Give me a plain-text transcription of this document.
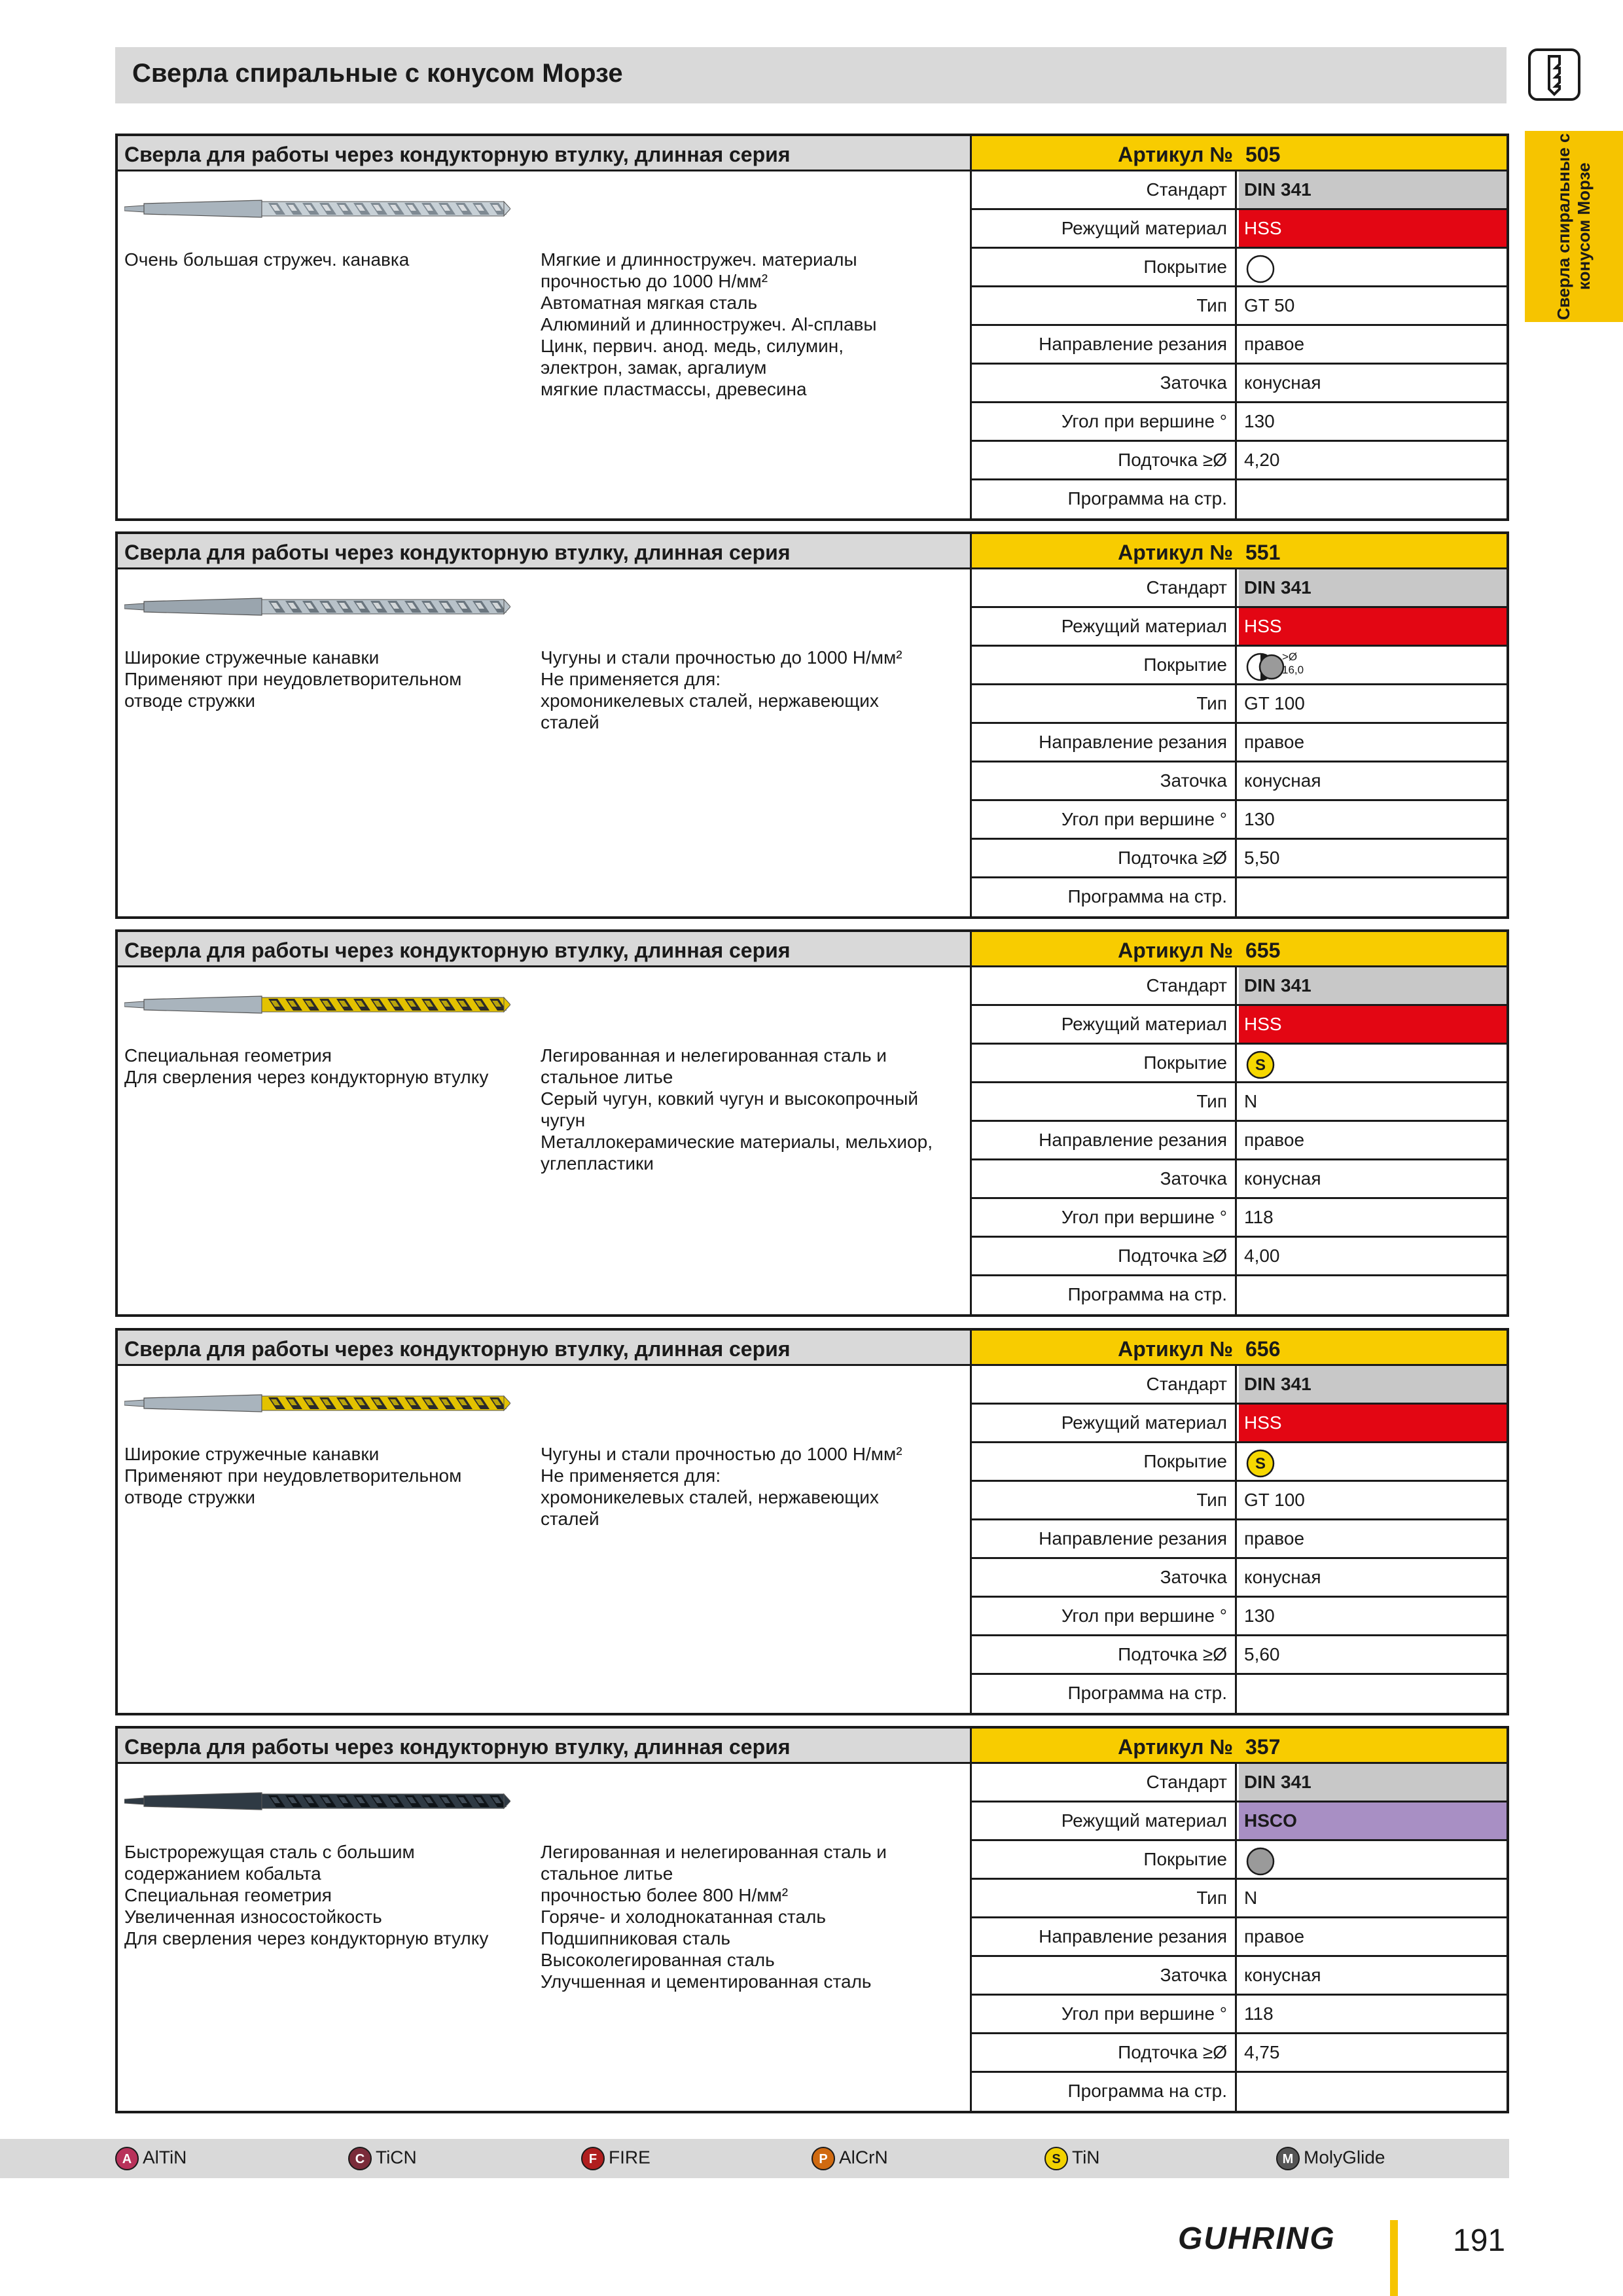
Сверла спиральные с конусом Морзе
Сверла спиральные с конусом Морзе
Сверла для работы через кондукторную втулку, длинная серия	Артикул № 505
Очень большая стружеч. канавка	Мягкие и длинностружеч. материалы
прочностью до 1000 Н/мм²
Автоматная мягкая сталь
Алюминий и длинностружеч. Al-сплавы
Цинк, первич. анод. медь, силумин,
электрон, замак, аргалиум
мягкие пластмассы, древесина
Стандарт DIN 341
Режущий материал HSS
Покрытие
Тип GT 50
Направление резания правое
Заточка конусная
Угол при вершине ° 130
Подточка ≥Ø 4,20
Программа на стр.
Сверла для работы через кондукторную втулку, длинная серия	Артикул № 551
Широкие стружечные канавки
Применяют при неудовлетворительном
отводе стружки
Чугуны и стали прочностью до 1000 Н/мм²
Не применяется для:
хромоникелевых сталей, нержавеющих
сталей
Стандарт DIN 341
Режущий материал HSS
Покрытие	>Ø
16,0
Тип GT 100
Направление резания правое
Заточка конусная
Угол при вершине ° 130
Подточка ≥Ø 5,50
Программа на стр.
Сверла для работы через кондукторную втулку, длинная серия	Артикул № 655
Специальная геометрия
Для сверления через кондукторную втулку
Легированная и нелегированная сталь и
стальное литье
Серый чугун, ковкий чугун и высокопрочный
чугун
Металлокерамические материалы, мельхиор,
углепластики
Стандарт DIN 341
Режущий материал HSS
Покрытие	S
Тип N
Направление резания правое
Заточка конусная
Угол при вершине ° 118
Подточка ≥Ø 4,00
Программа на стр.
Сверла для работы через кондукторную втулку, длинная серия	Артикул № 656
Широкие стружечные канавки
Применяют при неудовлетворительном
отводе стружки
Чугуны и стали прочностью до 1000 Н/мм²
Не применяется для:
хромоникелевых сталей, нержавеющих
сталей
Стандарт DIN 341
Режущий материал HSS
Покрытие	S
Тип GT 100
Направление резания правое
Заточка конусная
Угол при вершине ° 130
Подточка ≥Ø 5,60
Программа на стр.
Сверла для работы через кондукторную втулку, длинная серия	Артикул № 357
Быстрорежущая сталь с большим
содержанием кобальта
Специальная геометрия
Увеличенная износостойкость
Для сверления через кондукторную втулку
Легированная и нелегированная сталь и
стальное литье
прочностью более 800 Н/мм²
Горяче- и холоднокатанная сталь
Подшипниковая сталь
Высоколегированная сталь
Улучшенная и цементированная сталь
Стандарт DIN 341
Режущий материал HSCO
Покрытие
Тип N
Направление резания правое
Заточка конусная
Угол при вершине ° 118
Подточка ≥Ø 4,75
Программа на стр.
A AlTiN	C TiCN	F FIRE	P AlCrN	S TiN	M MolyGlide
GUHRING	191
